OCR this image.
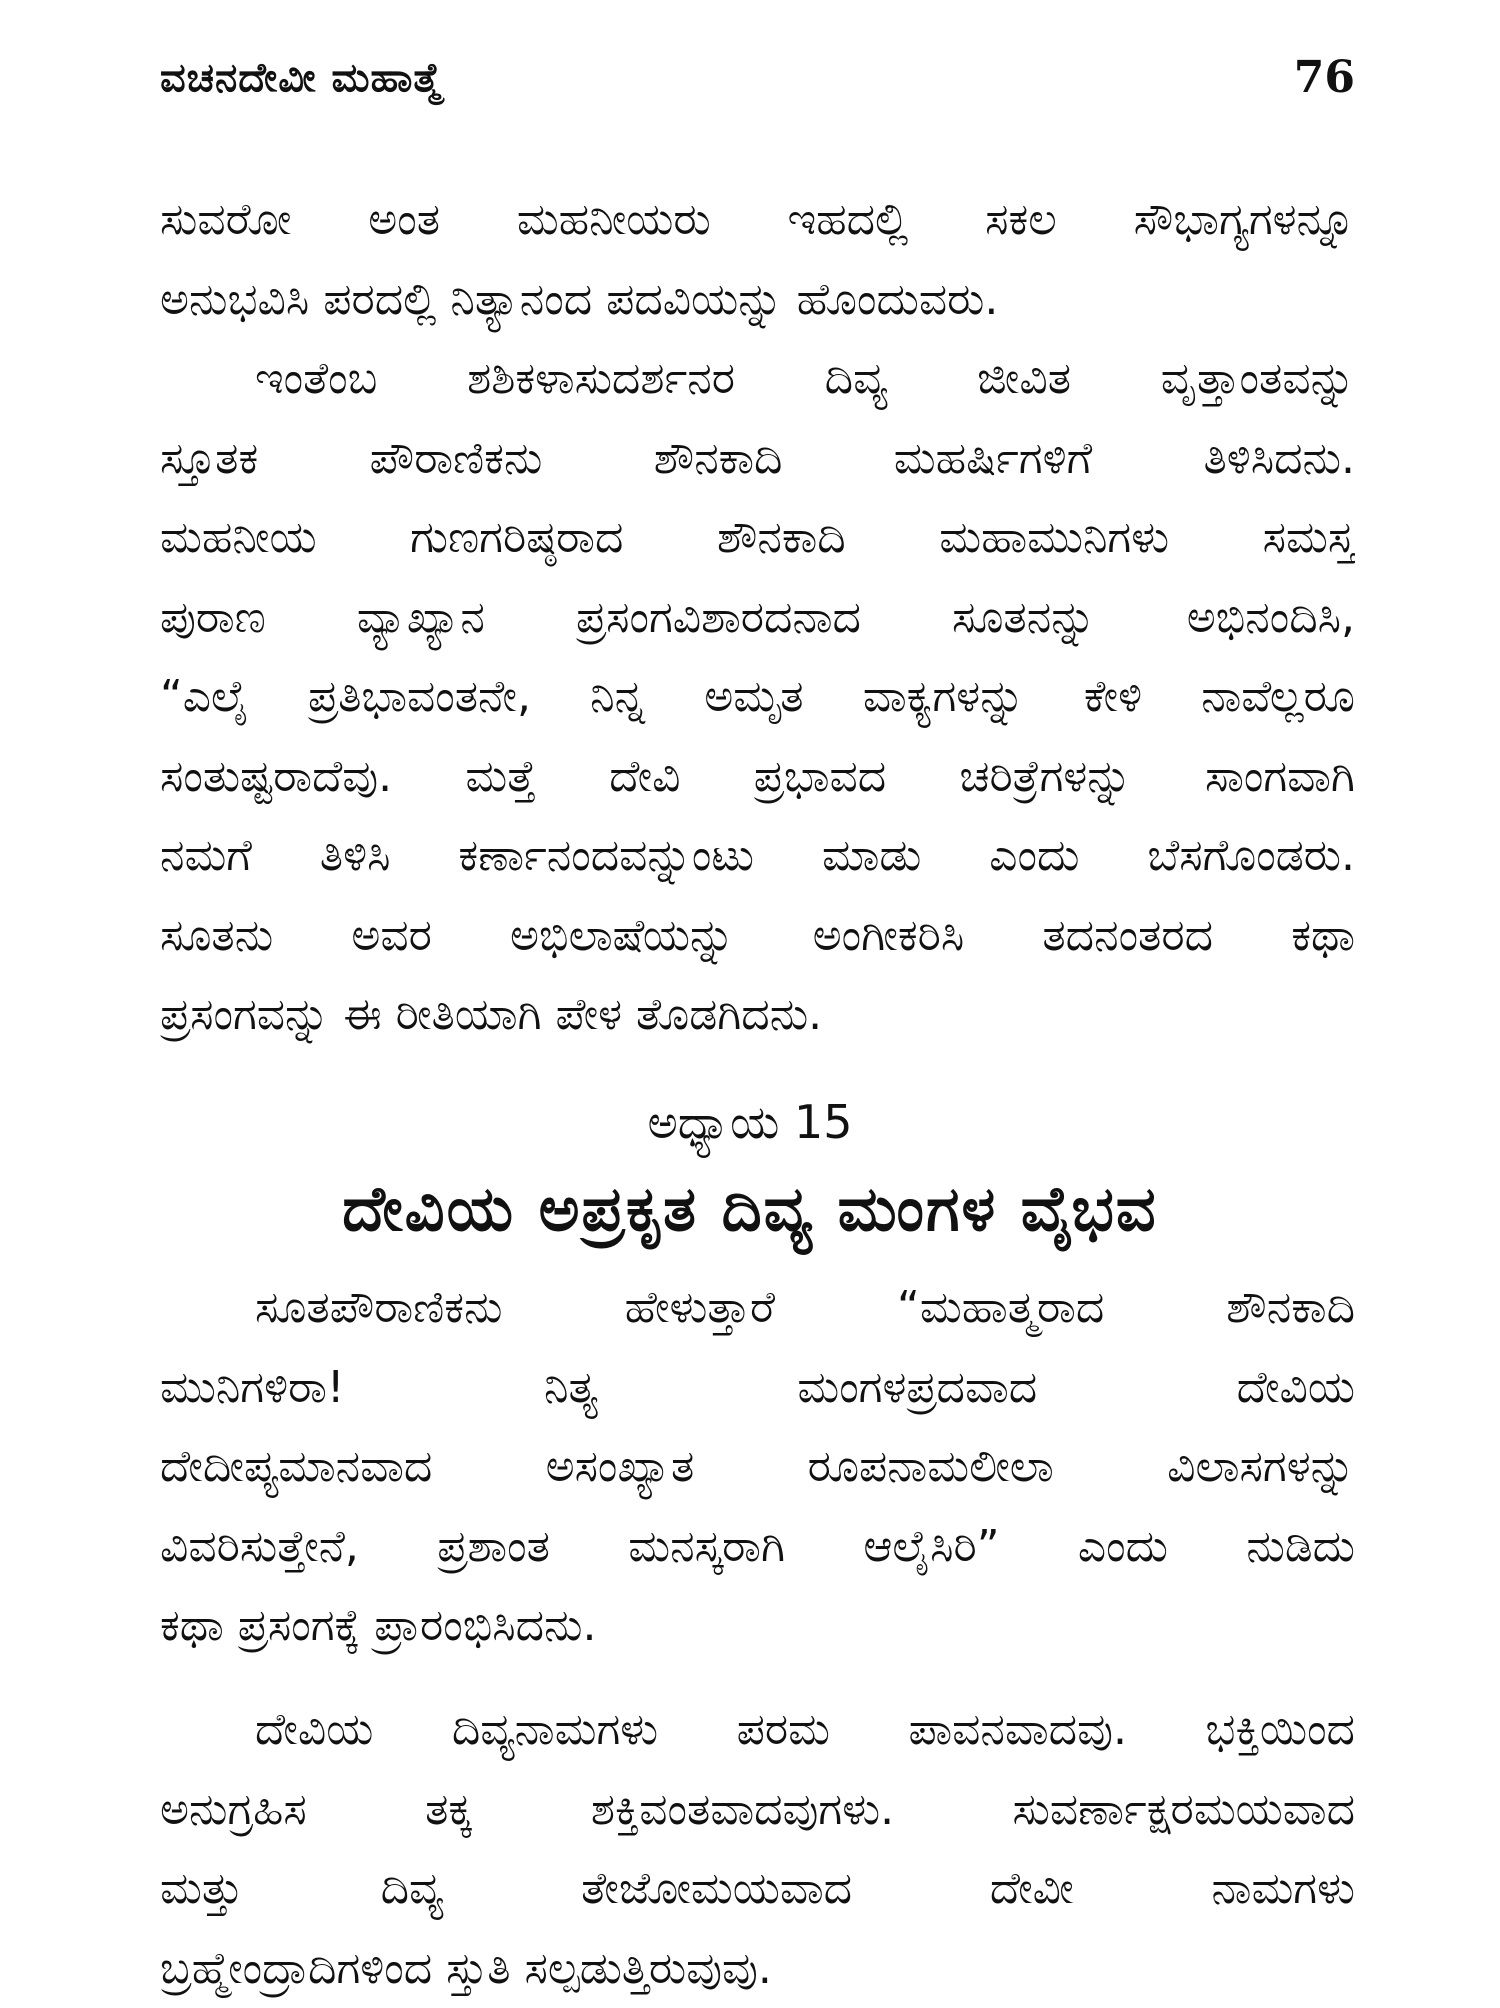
ವಚನದೇವೀ ಮಹಾತ್ಮೆ	76
ಸುವರೋ ಅಂತ ಮಹನೀಯರು ಇಹದಲ್ಲಿ ಸಕಲ ಸೌಭಾಗ್ಯಗಳನ್ನೂ
ಅನುಭವಿಸಿ ಪರದಲ್ಲಿ ನಿತ್ಯಾನಂದ ಪದವಿಯನ್ನು ಹೊಂದುವರು.
ಇಂತೆಂಬ ಶಶಿಕಳಾಸುದರ್ಶನರ ದಿವ್ಯ ಜೀವಿತ ವೃತ್ತಾಂತವನ್ನು
ಸ್ತೂತಕ ಪೌರಾಣಿಕನು ಶೌನಕಾದಿ ಮಹರ್ಷಿಗಳಿಗೆ ತಿಳಿಸಿದನು.
ಮಹನೀಯ ಗುಣಗರಿಷ್ಠರಾದ ಶೌನಕಾದಿ ಮಹಾಮುನಿಗಳು ಸಮಸ್ತ
ಪುರಾಣ ವ್ಯಾಖ್ಯಾನ ಪ್ರಸಂಗವಿಶಾರದನಾದ ಸೂತನನ್ನು ಅಭಿನಂದಿಸಿ,
“ಎಲೈ ಪ್ರತಿಭಾವಂತನೇ, ನಿನ್ನ ಅಮೃತ ವಾಕ್ಯಗಳನ್ನು ಕೇಳಿ ನಾವೆಲ್ಲರೂ
ಸಂತುಷ್ಟರಾದೆವು. ಮತ್ತೆ ದೇವಿ ಪ್ರಭಾವದ ಚರಿತ್ರೆಗಳನ್ನು ಸಾಂಗವಾಗಿ
ನಮಗೆ ತಿಳಿಸಿ ಕರ್ಣಾನಂದವನ್ನುಂಟು ಮಾಡು ಎಂದು ಬೆಸಗೊಂಡರು.
ಸೂತನು ಅವರ ಅಭಿಲಾಷೆಯನ್ನು ಅಂಗೀಕರಿಸಿ ತದನಂತರದ ಕಥಾ
ಪ್ರಸಂಗವನ್ನು ಈ ರೀತಿಯಾಗಿ ಪೇಳ ತೊಡಗಿದನು.
ಅಧ್ಯಾಯ 15
ದೇವಿಯ ಅಪ್ರಕೃತ ದಿವ್ಯ ಮಂಗಳ ವೈಭವ
ಸೂತಪೌರಾಣಿಕನು ಹೇಳುತ್ತಾರೆ “ಮಹಾತ್ಮರಾದ ಶೌನಕಾದಿ
ಮುನಿಗಳಿರಾ! ನಿತ್ಯ ಮಂಗಳಪ್ರದವಾದ ದೇವಿಯ
ದೇದೀಪ್ಯಮಾನವಾದ ಅಸಂಖ್ಯಾತ ರೂಪನಾಮಲೀಲಾ ವಿಲಾಸಗಳನ್ನು
ವಿವರಿಸುತ್ತೇನೆ, ಪ್ರಶಾಂತ ಮನಸ್ಕರಾಗಿ ಆಲೈಸಿರಿ” ಎಂದು ನುಡಿದು
ಕಥಾ ಪ್ರಸಂಗಕ್ಕೆ ಪ್ರಾರಂಭಿಸಿದನು.
ದೇವಿಯ ದಿವ್ಯನಾಮಗಳು ಪರಮ ಪಾವನವಾದವು. ಭಕ್ತಿಯಿಂದ
ಅನುಗ್ರಹಿಸ ತಕ್ಕ ಶಕ್ತಿವಂತವಾದವುಗಳು. ಸುವರ್ಣಾಕ್ಷರಮಯವಾದ
ಮತ್ತು ದಿವ್ಯ ತೇಜೋಮಯವಾದ ದೇವೀ ನಾಮಗಳು
ಬ್ರಹ್ಮೇಂದ್ರಾದಿಗಳಿಂದ ಸ್ತುತಿ ಸಲ್ಪಡುತ್ತಿರುವುವು.
